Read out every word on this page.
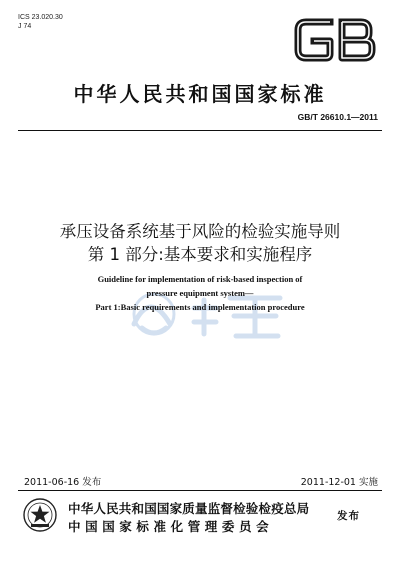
ICS 23.020.30
J 74
中华人民共和国国家标准
GB/T 26610.1—2011
承压设备系统基于风险的检验实施导则
第 1 部分:基本要求和实施程序
Guideline for implementation of risk-based inspection of
pressure equipment system—
Part 1:Basic requirements and implementation procedure
2011-06-16 发布	2011-12-01 实施
中华人民共和国国家质量监督检验检疫总局
中国国家标准化管理委员会
发布
